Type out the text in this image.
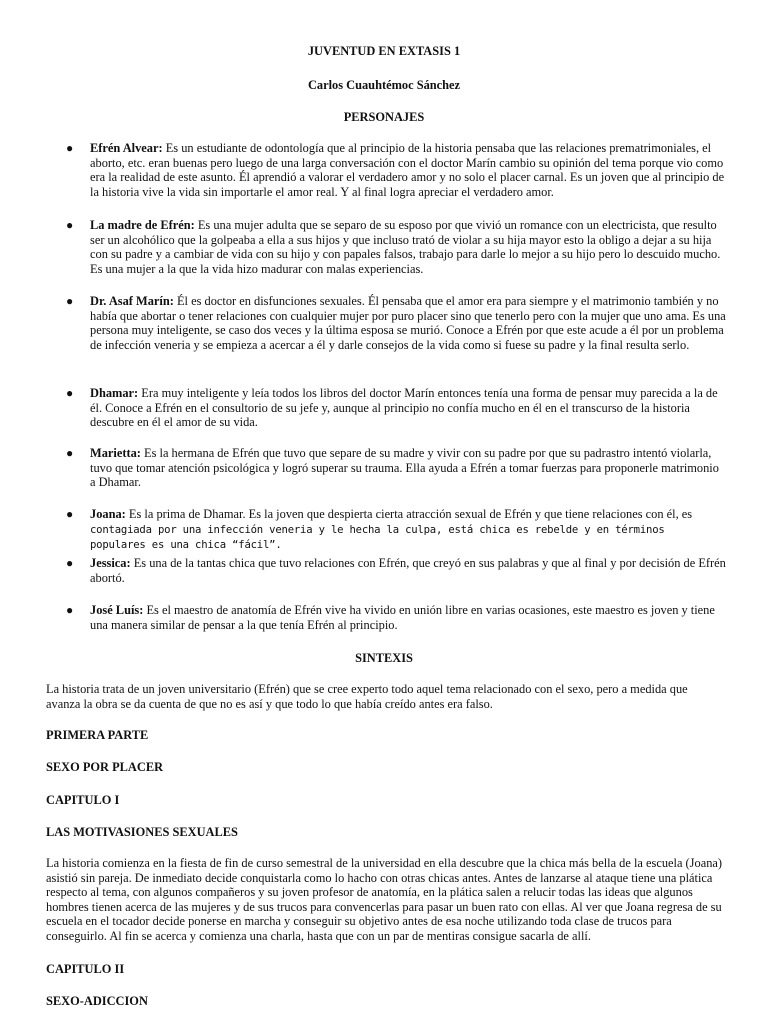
JUVENTUD EN EXTASIS 1
Carlos Cuauhtémoc Sánchez
PERSONAJES
● Efrén Alvear: Es un estudiante de odontología que al principio de la historia pensaba que las relaciones prematrimoniales, el aborto, etc. eran buenas pero luego de una larga conversación con el doctor Marín cambio su opinión del tema porque vio como era la realidad de este asunto. Él aprendió a valorar el verdadero amor y no solo el placer carnal. Es un joven que al principio de la historia vive la vida sin importarle el amor real. Y al final logra apreciar el verdadero amor.

● La madre de Efrén: Es una mujer adulta que se separo de su esposo por que vivió un romance con un electricista, que resulto ser un alcohólico que la golpeaba a ella a sus hijos y que incluso trató de violar a su hija mayor esto la obligo a dejar a su hija con su padre y a cambiar de vida con su hijo y con papales falsos, trabajo para darle lo mejor a su hijo pero lo descuido mucho. Es una mujer a la que la vida hizo madurar con malas experiencias.

● Dr. Asaf Marín: Él es doctor en disfunciones sexuales. Él pensaba que el amor era para siempre y el matrimonio también y no había que abortar o tener relaciones con cualquier mujer por puro placer sino que tenerlo pero con la mujer que uno ama. Es una persona muy inteligente, se caso dos veces y la última esposa se murió. Conoce a Efrén por que este acude a él por un problema de infección veneria y se empieza a acercar a él y darle consejos de la vida como si fuese su padre y la final resulta serlo.

● Dhamar: Era muy inteligente y leía todos los libros del doctor Marín entonces tenía una forma de pensar muy parecida a la de él. Conoce a Efrén en el consultorio de su jefe y, aunque al principio no confía mucho en él en el transcurso de la historia descubre en él el amor de su vida.

● Marietta: Es la hermana de Efrén que tuvo que separe de su madre y vivir con su padre por que su padrastro intentó violarla, tuvo que tomar atención psicológica y logró superar su trauma. Ella ayuda a Efrén a tomar fuerzas para proponerle matrimonio a Dhamar.

● Joana: Es la prima de Dhamar. Es la joven que despierta cierta atracción sexual de Efrén y que tiene relaciones con él, es
contagiada por una infección veneria y le hecha la culpa, está chica es rebelde y en términos populares es una chica “fácil”.

● Jessica: Es una de la tantas chica que tuvo relaciones con Efrén, que creyó en sus palabras y que al final y por decisión de Efrén abortó.

● José Luís: Es el maestro de anatomía de Efrén vive ha vivido en unión libre en varias ocasiones, este maestro es joven y tiene una manera similar de pensar a la que tenía Efrén al principio.

SINTEXIS

La historia trata de un joven universitario (Efrén) que se cree experto todo aquel tema relacionado con el sexo, pero a medida que avanza la obra se da cuenta de que no es así y que todo lo que había creído antes era falso.

PRIMERA PARTE
SEXO POR PLACER
CAPITULO I
LAS MOTIVASIONES SEXUALES

La historia comienza en la fiesta de fin de curso semestral de la universidad en ella descubre que la chica más bella de la escuela (Joana) asistió sin pareja. De inmediato decide conquistarla como lo hacho con otras chicas antes. Antes de lanzarse al ataque tiene una plática respecto al tema, con algunos compañeros y su joven profesor de anatomía, en la plática salen a relucir todas las ideas que algunos hombres tienen acerca de las mujeres y de sus trucos para convencerlas para pasar un buen rato con ellas. Al ver que Joana regresa de su escuela en el tocador decide ponerse en marcha y conseguir su objetivo antes de esa noche utilizando toda clase de trucos para conseguirlo. Al fin se acerca y comienza una charla, hasta que con un par de mentiras consigue sacarla de allí.

CAPITULO II
SEXO-ADICCION
